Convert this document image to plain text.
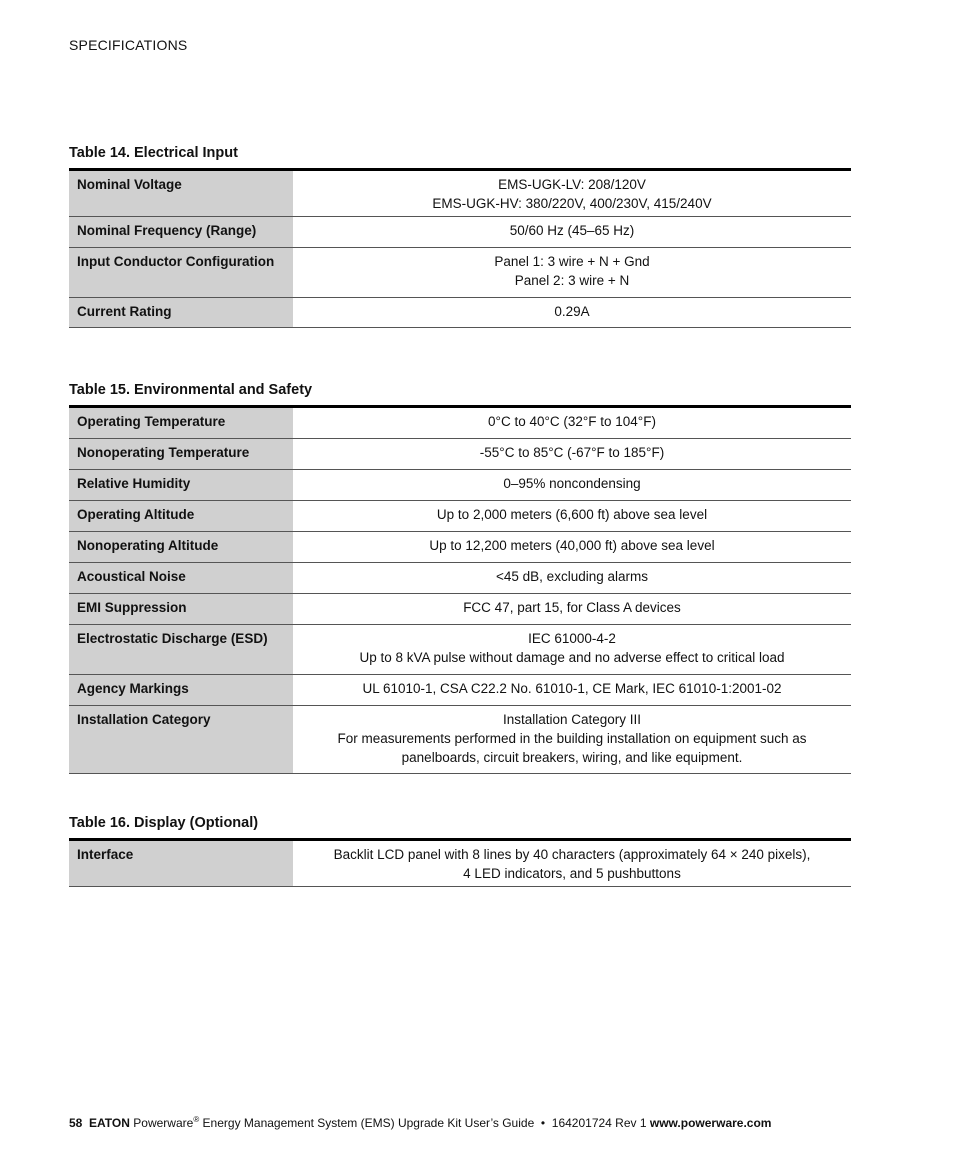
SPECIFICATIONS
Table 14. Electrical Input
Nominal Voltage	EMS-UGK-LV: 208/120V
EMS-UGK-HV: 380/220V, 400/230V, 415/240V
Nominal Frequency (Range)	50/60 Hz (45–65 Hz)
Input Conductor Configuration	Panel 1: 3 wire + N + Gnd
Panel 2: 3 wire + N
Current Rating	0.29A
Table 15. Environmental and Safety
Operating Temperature	0°C to 40°C (32°F to 104°F)
Nonoperating Temperature	-55°C to 85°C (-67°F to 185°F)
Relative Humidity	0–95% noncondensing
Operating Altitude	Up to 2,000 meters (6,600 ft) above sea level
Nonoperating Altitude	Up to 12,200 meters (40,000 ft) above sea level
Acoustical Noise	<45 dB, excluding alarms
EMI Suppression	FCC 47, part 15, for Class A devices
Electrostatic Discharge (ESD)	IEC 61000-4-2
Up to 8 kVA pulse without damage and no adverse effect to critical load
Agency Markings	UL 61010-1, CSA C22.2 No. 61010-1, CE Mark, IEC 61010-1:2001-02
Installation Category	Installation Category III
For measurements performed in the building installation on equipment such as
panelboards, circuit breakers, wiring, and like equipment.
Table 16. Display (Optional)
Interface	Backlit LCD panel with 8 lines by 40 characters (approximately 64 × 240 pixels),
4 LED indicators, and 5 pushbuttons
58 EATON Powerware® Energy Management System (EMS) Upgrade Kit User’s Guide  •  164201724 Rev 1 www.powerware.com
